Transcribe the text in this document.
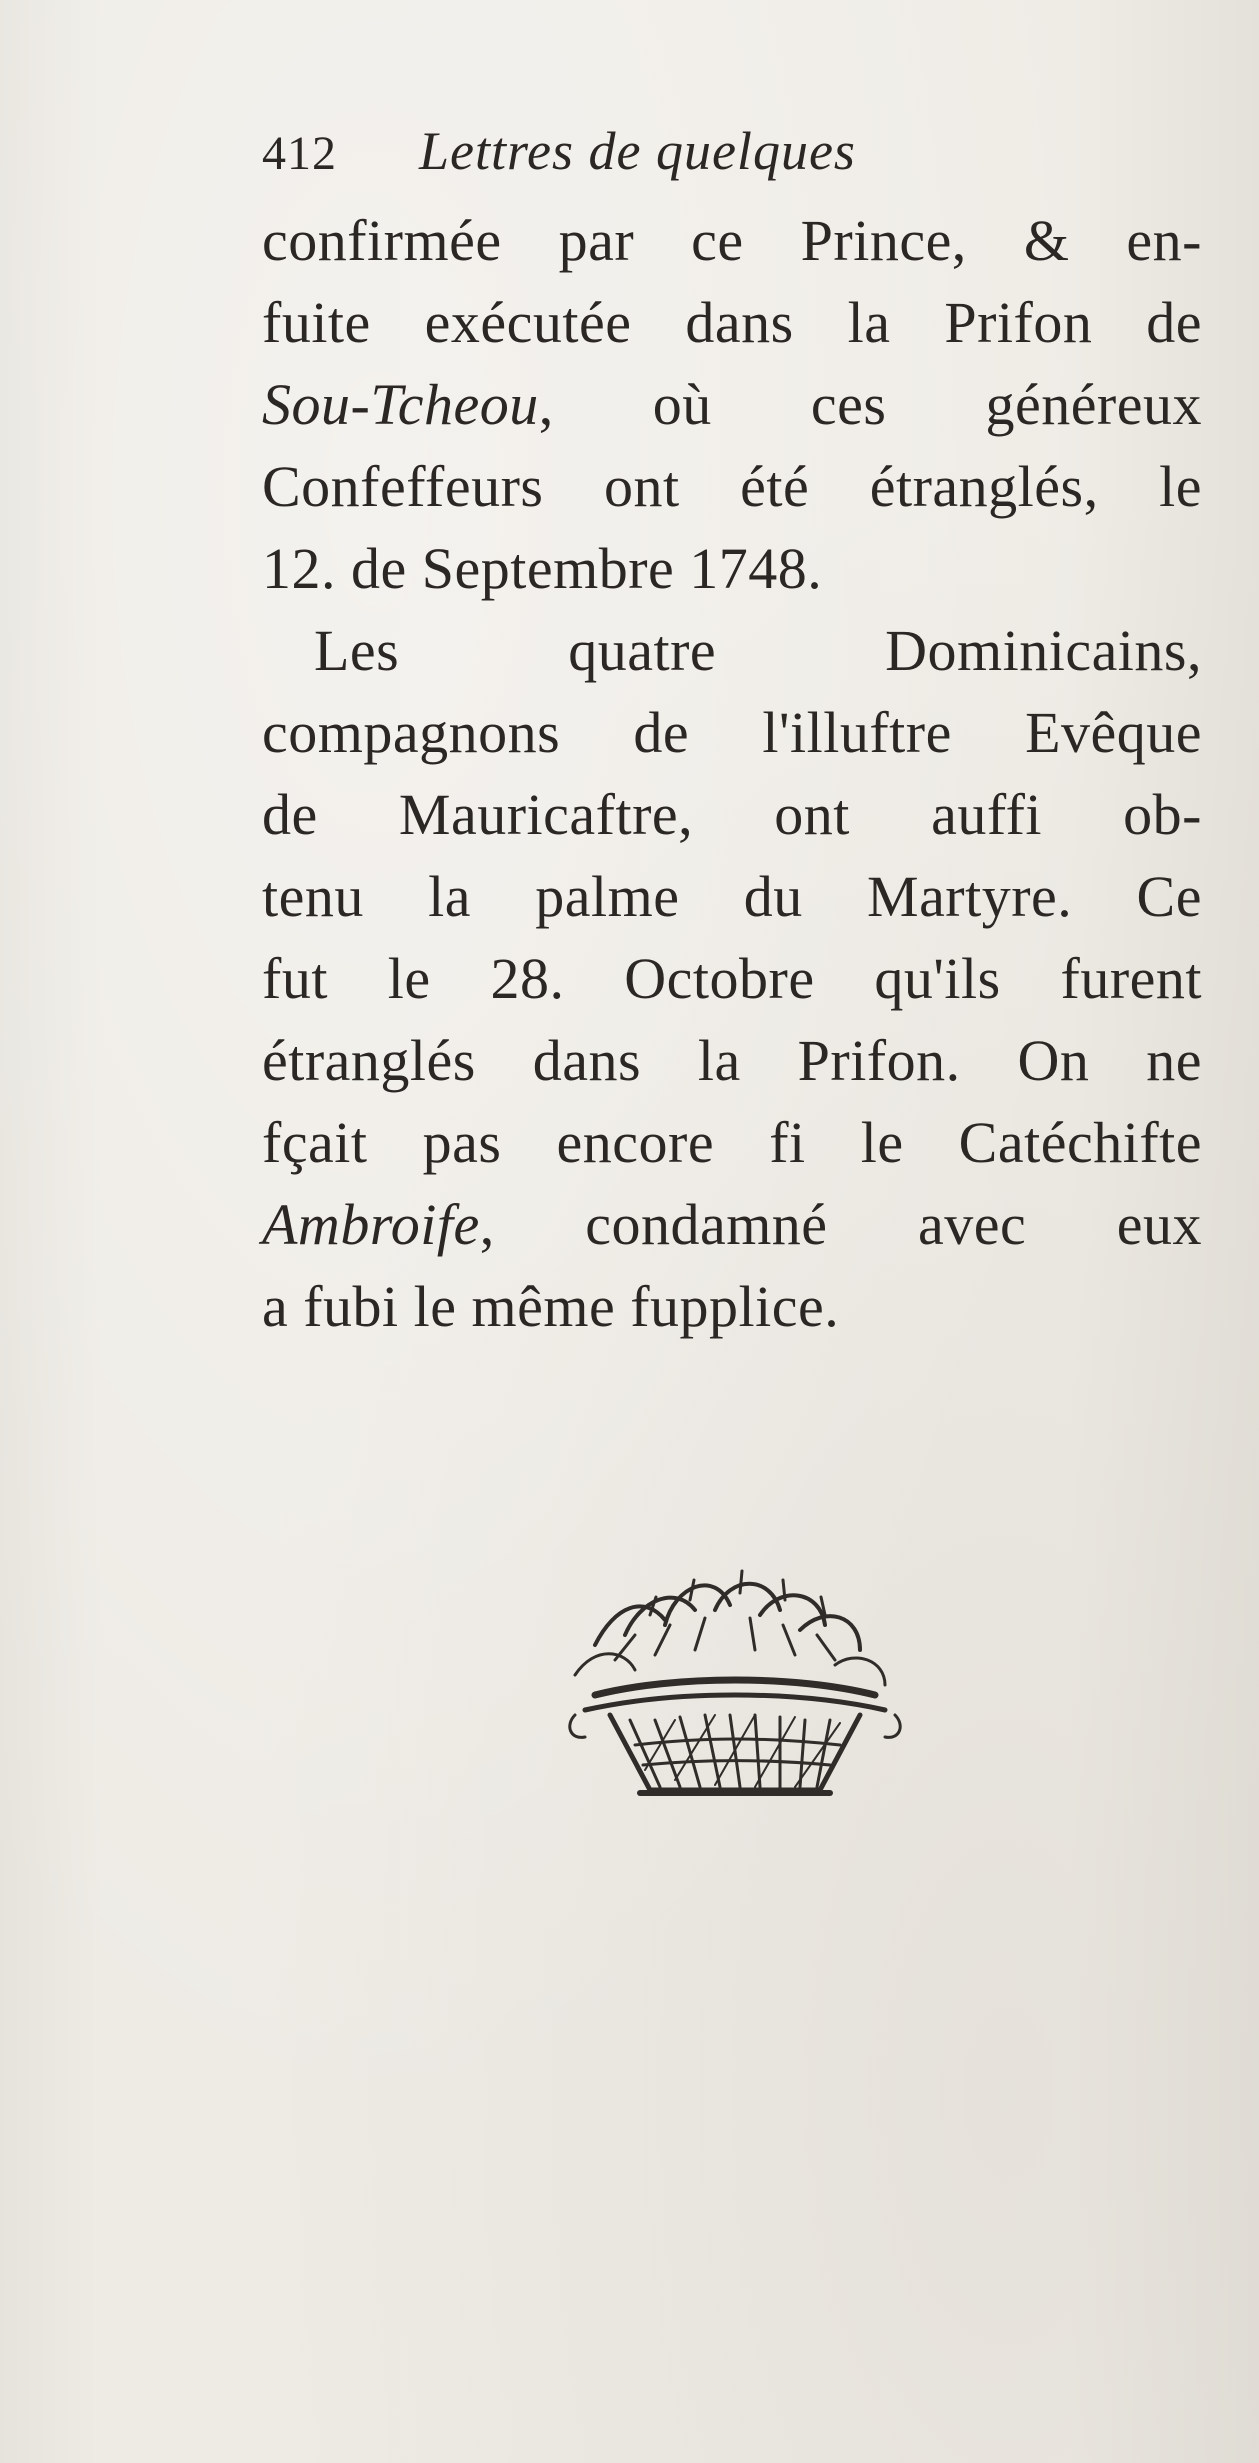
412 Lettres de quelques
confirmée par ce Prince, & en-
fuite exécutée dans la Prifon de
Sou-Tcheou, où ces généreux
Confeffeurs ont été étranglés, le
12. de Septembre 1748.
Les quatre Dominicains,
compagnons de l'illuftre Evêque
de Mauricaftre, ont auffi ob-
tenu la palme du Martyre. Ce
fut le 28. Octobre qu'ils furent
étranglés dans la Prifon. On ne
fçait pas encore fi le Catéchifte
Ambroife, condamné avec eux
a fubi le même fupplice.
